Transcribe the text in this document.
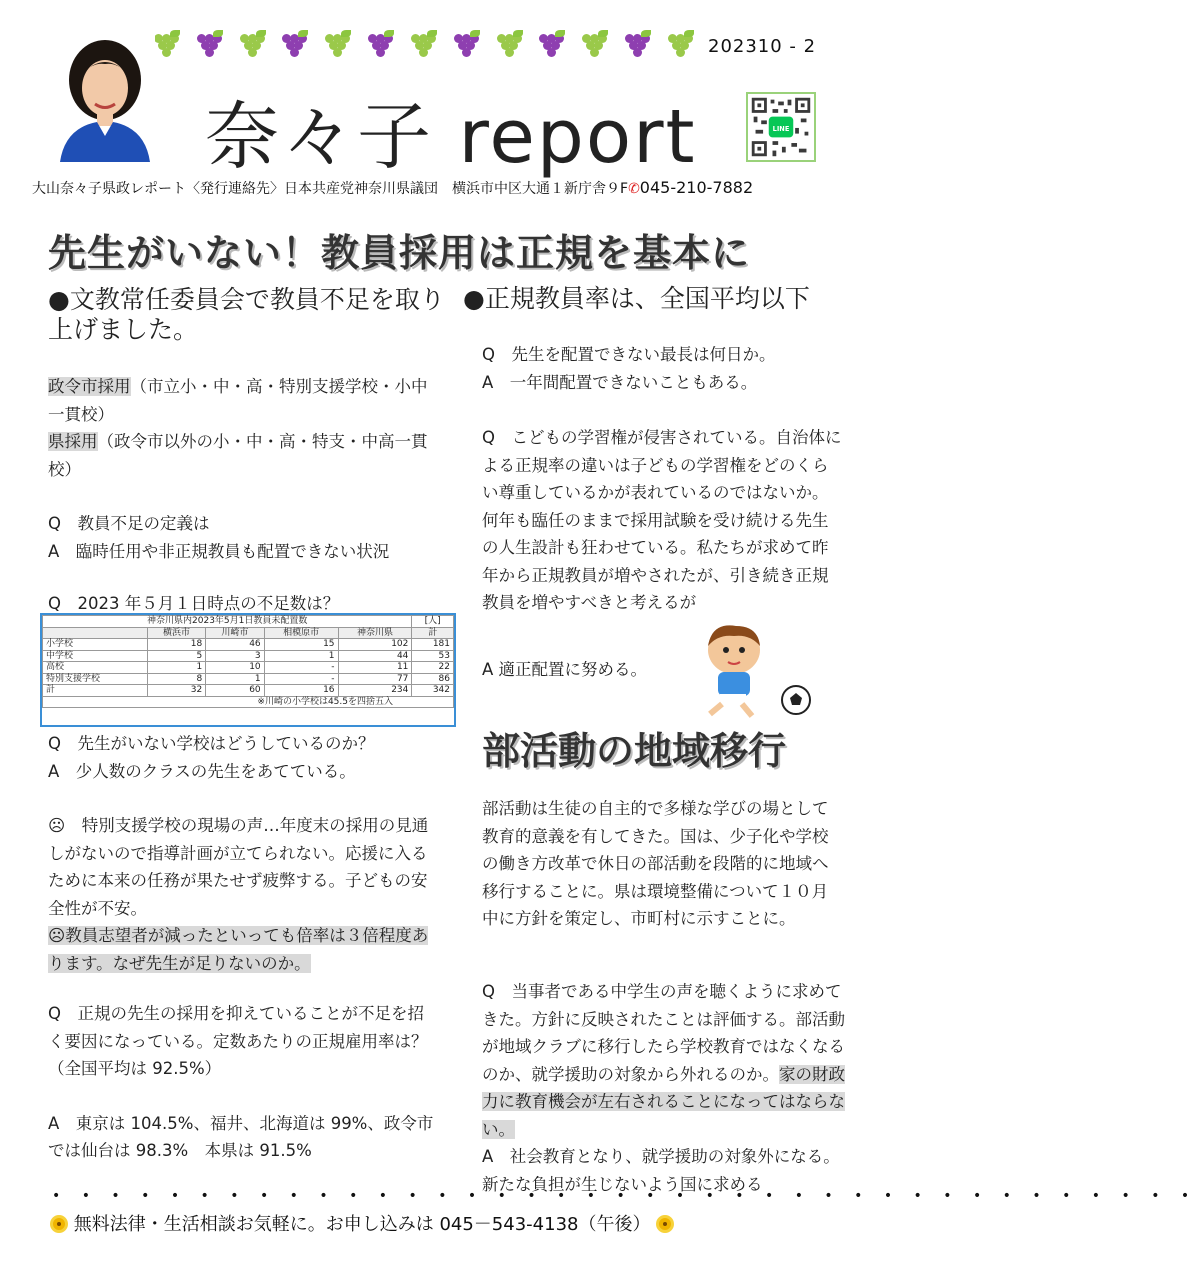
202310 - 2
奈々子 report	LINE
大山奈々子県政レポート〈発行連絡先〉日本共産党神奈川県議団　横浜市中区大通１新庁舎９F✆045-210-7882
先生がいない！教員採用は正規を基本に
●文教常任委員会で教員不足を取り上げました。
政令市採用（市立小・中・高・特別支援学校・小中一貫校）
県採用（政令市以外の小・中・高・特支・中高一貫校）
Q　教員不足の定義は
A　臨時任用や非正規教員も配置できない状況
Q　2023 年５月１日時点の不足数は？
神奈川県内2023年5月1日教員未配置数					[人]
	横浜市	川崎市	相模原市	神奈川県	計
小学校	18	46	15	102	181
中学校	5	3	1	44	53
高校	1	10	-	11	22
特別支援学校	8	1	-	77	86
計	32	60	16	234	342
※川崎の小学校は45.5を四捨五入					
Q　先生がいない学校はどうしているのか？
A　少人数のクラスの先生をあてている。
☹　特別支援学校の現場の声…年度末の採用の見通しがないので指導計画が立てられない。応援に入るために本来の任務が果たせず疲弊する。子どもの安全性が不安。
☹教員志望者が減ったといっても倍率は３倍程度あります。なぜ先生が足りないのか。
Q　正規の先生の採用を抑えていることが不足を招く要因になっている。定数あたりの正規雇用率は？（全国平均は 92.5%）
A　東京は 104.5%、福井、北海道は 99%、政令市では仙台は 98.3%　本県は 91.5%
●正規教員率は、全国平均以下
Q　先生を配置できない最長は何日か。
A　一年間配置できないこともある。
Q　こどもの学習権が侵害されている。自治体による正規率の違いは子どもの学習権をどのくらい尊重しているかが表れているのではないか。何年も臨任のままで採用試験を受け続ける先生の人生設計も狂わせている。私たちが求めて昨年から正規教員が増やされたが、引き続き正規教員を増やすべきと考えるが
A 適正配置に努める。
部活動の地域移行
部活動は生徒の自主的で多様な学びの場として教育的意義を有してきた。国は、少子化や学校の働き方改革で休日の部活動を段階的に地域へ移行することに。県は環境整備について１０月中に方針を策定し、市町村に示すことに。
Q　当事者である中学生の声を聴くように求めてきた。方針に反映されたことは評価する。部活動が地域クラブに移行したら学校教育ではなくなるのか、就学援助の対象から外れるのか。家の財政力に教育機会が左右されることになってはならない。
A　社会教育となり、就学援助の対象外になる。新たな負担が生じないよう国に求める
• • • • • • • • • • • • • • • • • • • • • • • • • • • • • • • • • • • • • • •
無料法律・生活相談お気軽に。お申し込みは 045－543-4138（午後）
